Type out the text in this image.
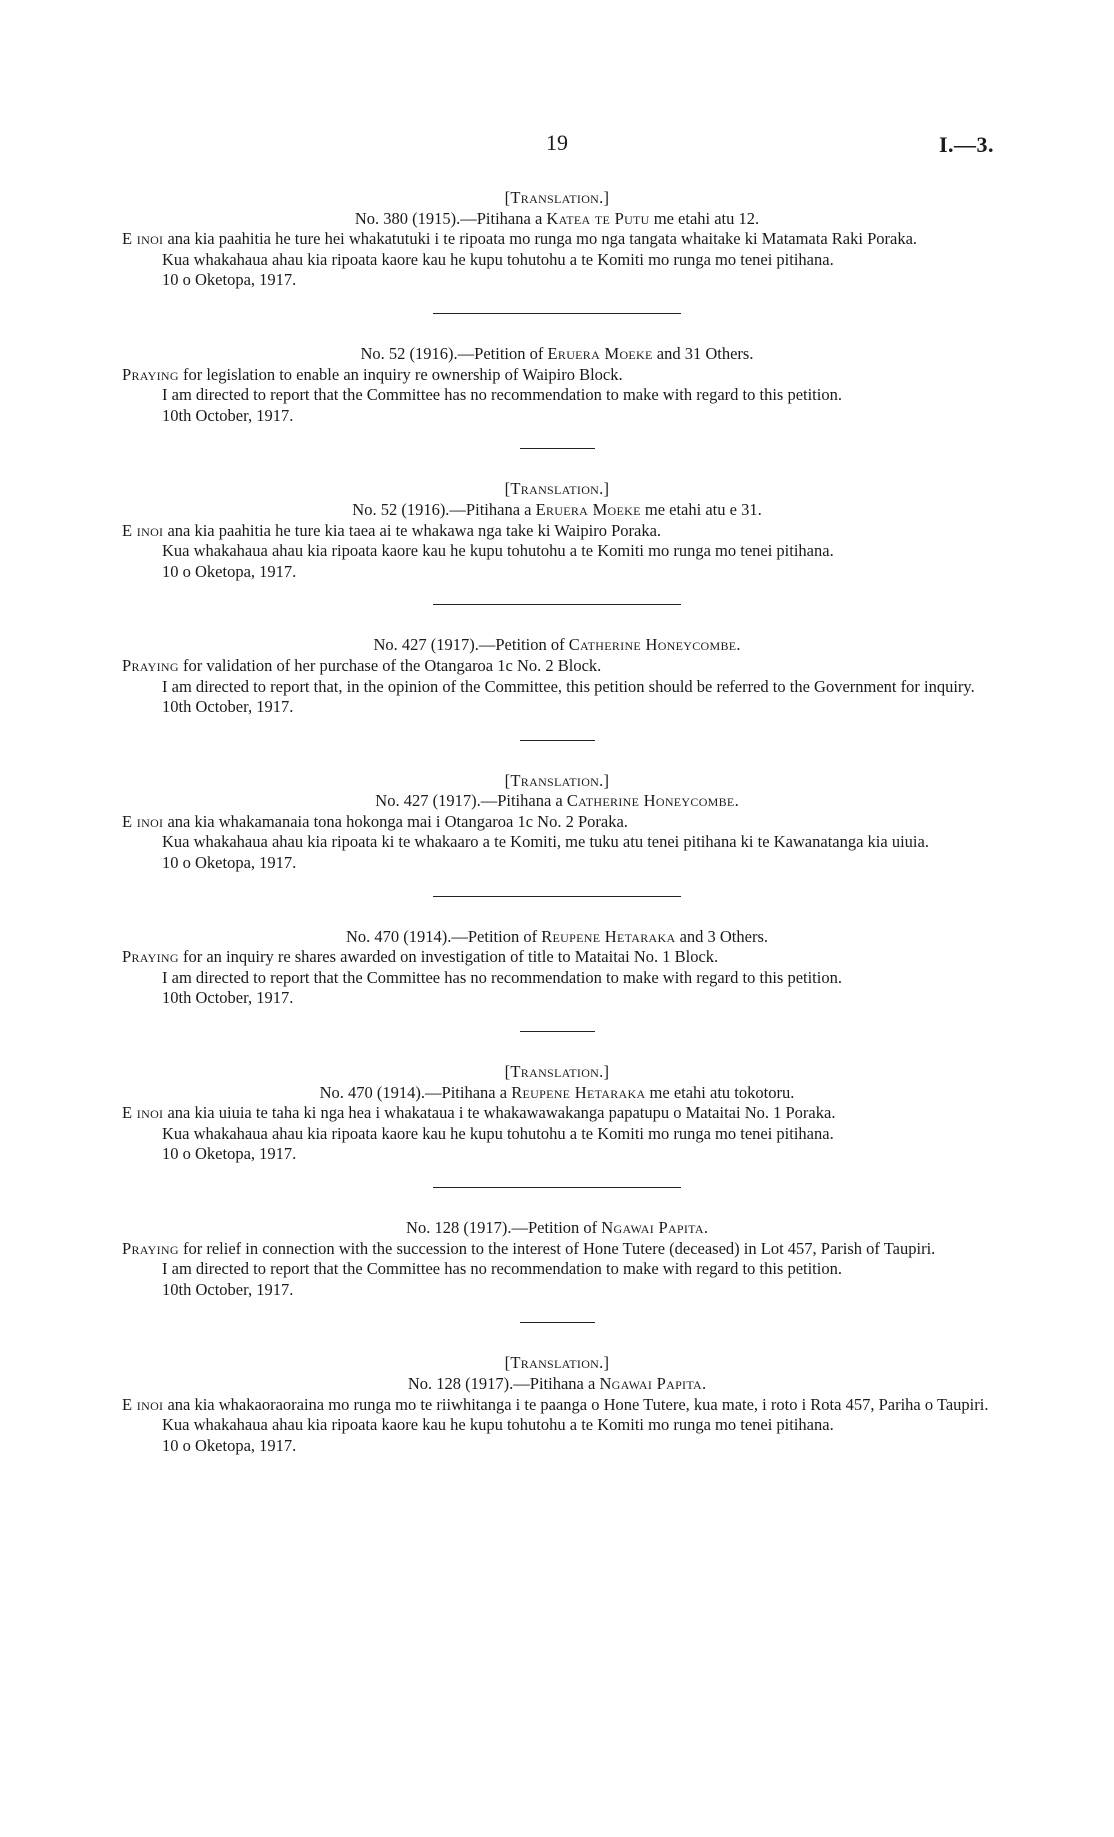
19	I.—3.
[Translation.]
No. 380 (1915).—Pitihana a Katea te Putu me etahi atu 12.

E inoi ana kia paahitia he ture hei whakatutuki i te ripoata mo runga mo nga tangata whaitake ki Matamata Raki Poraka.

Kua whakahaua ahau kia ripoata kaore kau he kupu tohutohu a te Komiti mo runga mo tenei pitihana.

10 o Oketopa, 1917.
No. 52 (1916).—Petition of Eruera Moeke and 31 Others.

Praying for legislation to enable an inquiry re ownership of Waipiro Block.

I am directed to report that the Committee has no recommendation to make with regard to this petition.

10th October, 1917.
[Translation.]
No. 52 (1916).—Pitihana a Eruera Moeke me etahi atu e 31.

E inoi ana kia paahitia he ture kia taea ai te whakawa nga take ki Waipiro Poraka.

Kua whakahaua ahau kia ripoata kaore kau he kupu tohutohu a te Komiti mo runga mo tenei pitihana.

10 o Oketopa, 1917.
No. 427 (1917).—Petition of Catherine Honeycombe.

Praying for validation of her purchase of the Otangaroa 1c No. 2 Block.

I am directed to report that, in the opinion of the Committee, this petition should be referred to the Government for inquiry.

10th October, 1917.
[Translation.]
No. 427 (1917).—Pitihana a Catherine Honeycombe.

E inoi ana kia whakamanaia tona hokonga mai i Otangaroa 1c No. 2 Poraka.

Kua whakahaua ahau kia ripoata ki te whakaaro a te Komiti, me tuku atu tenei pitihana ki te Kawanatanga kia uiuia.

10 o Oketopa, 1917.
No. 470 (1914).—Petition of Reupene Hetaraka and 3 Others.

Praying for an inquiry re shares awarded on investigation of title to Mataitai No. 1 Block.

I am directed to report that the Committee has no recommendation to make with regard to this petition.

10th October, 1917.
[Translation.]
No. 470 (1914).—Pitihana a Reupene Hetaraka me etahi atu tokotoru.

E inoi ana kia uiuia te taha ki nga hea i whakataua i te whakawawakanga papatupu o Mataitai No. 1 Poraka.

Kua whakahaua ahau kia ripoata kaore kau he kupu tohutohu a te Komiti mo runga mo tenei pitihana.

10 o Oketopa, 1917.
No. 128 (1917).—Petition of Ngawai Papita.

Praying for relief in connection with the succession to the interest of Hone Tutere (deceased) in Lot 457, Parish of Taupiri.

I am directed to report that the Committee has no recommendation to make with regard to this petition.

10th October, 1917.
[Translation.]
No. 128 (1917).—Pitihana a Ngawai Papita.

E inoi ana kia whakaoraoraina mo runga mo te riiwhitanga i te paanga o Hone Tutere, kua mate, i roto i Rota 457, Pariha o Taupiri.

Kua whakahaua ahau kia ripoata kaore kau he kupu tohutohu a te Komiti mo runga mo tenei pitihana.

10 o Oketopa, 1917.
